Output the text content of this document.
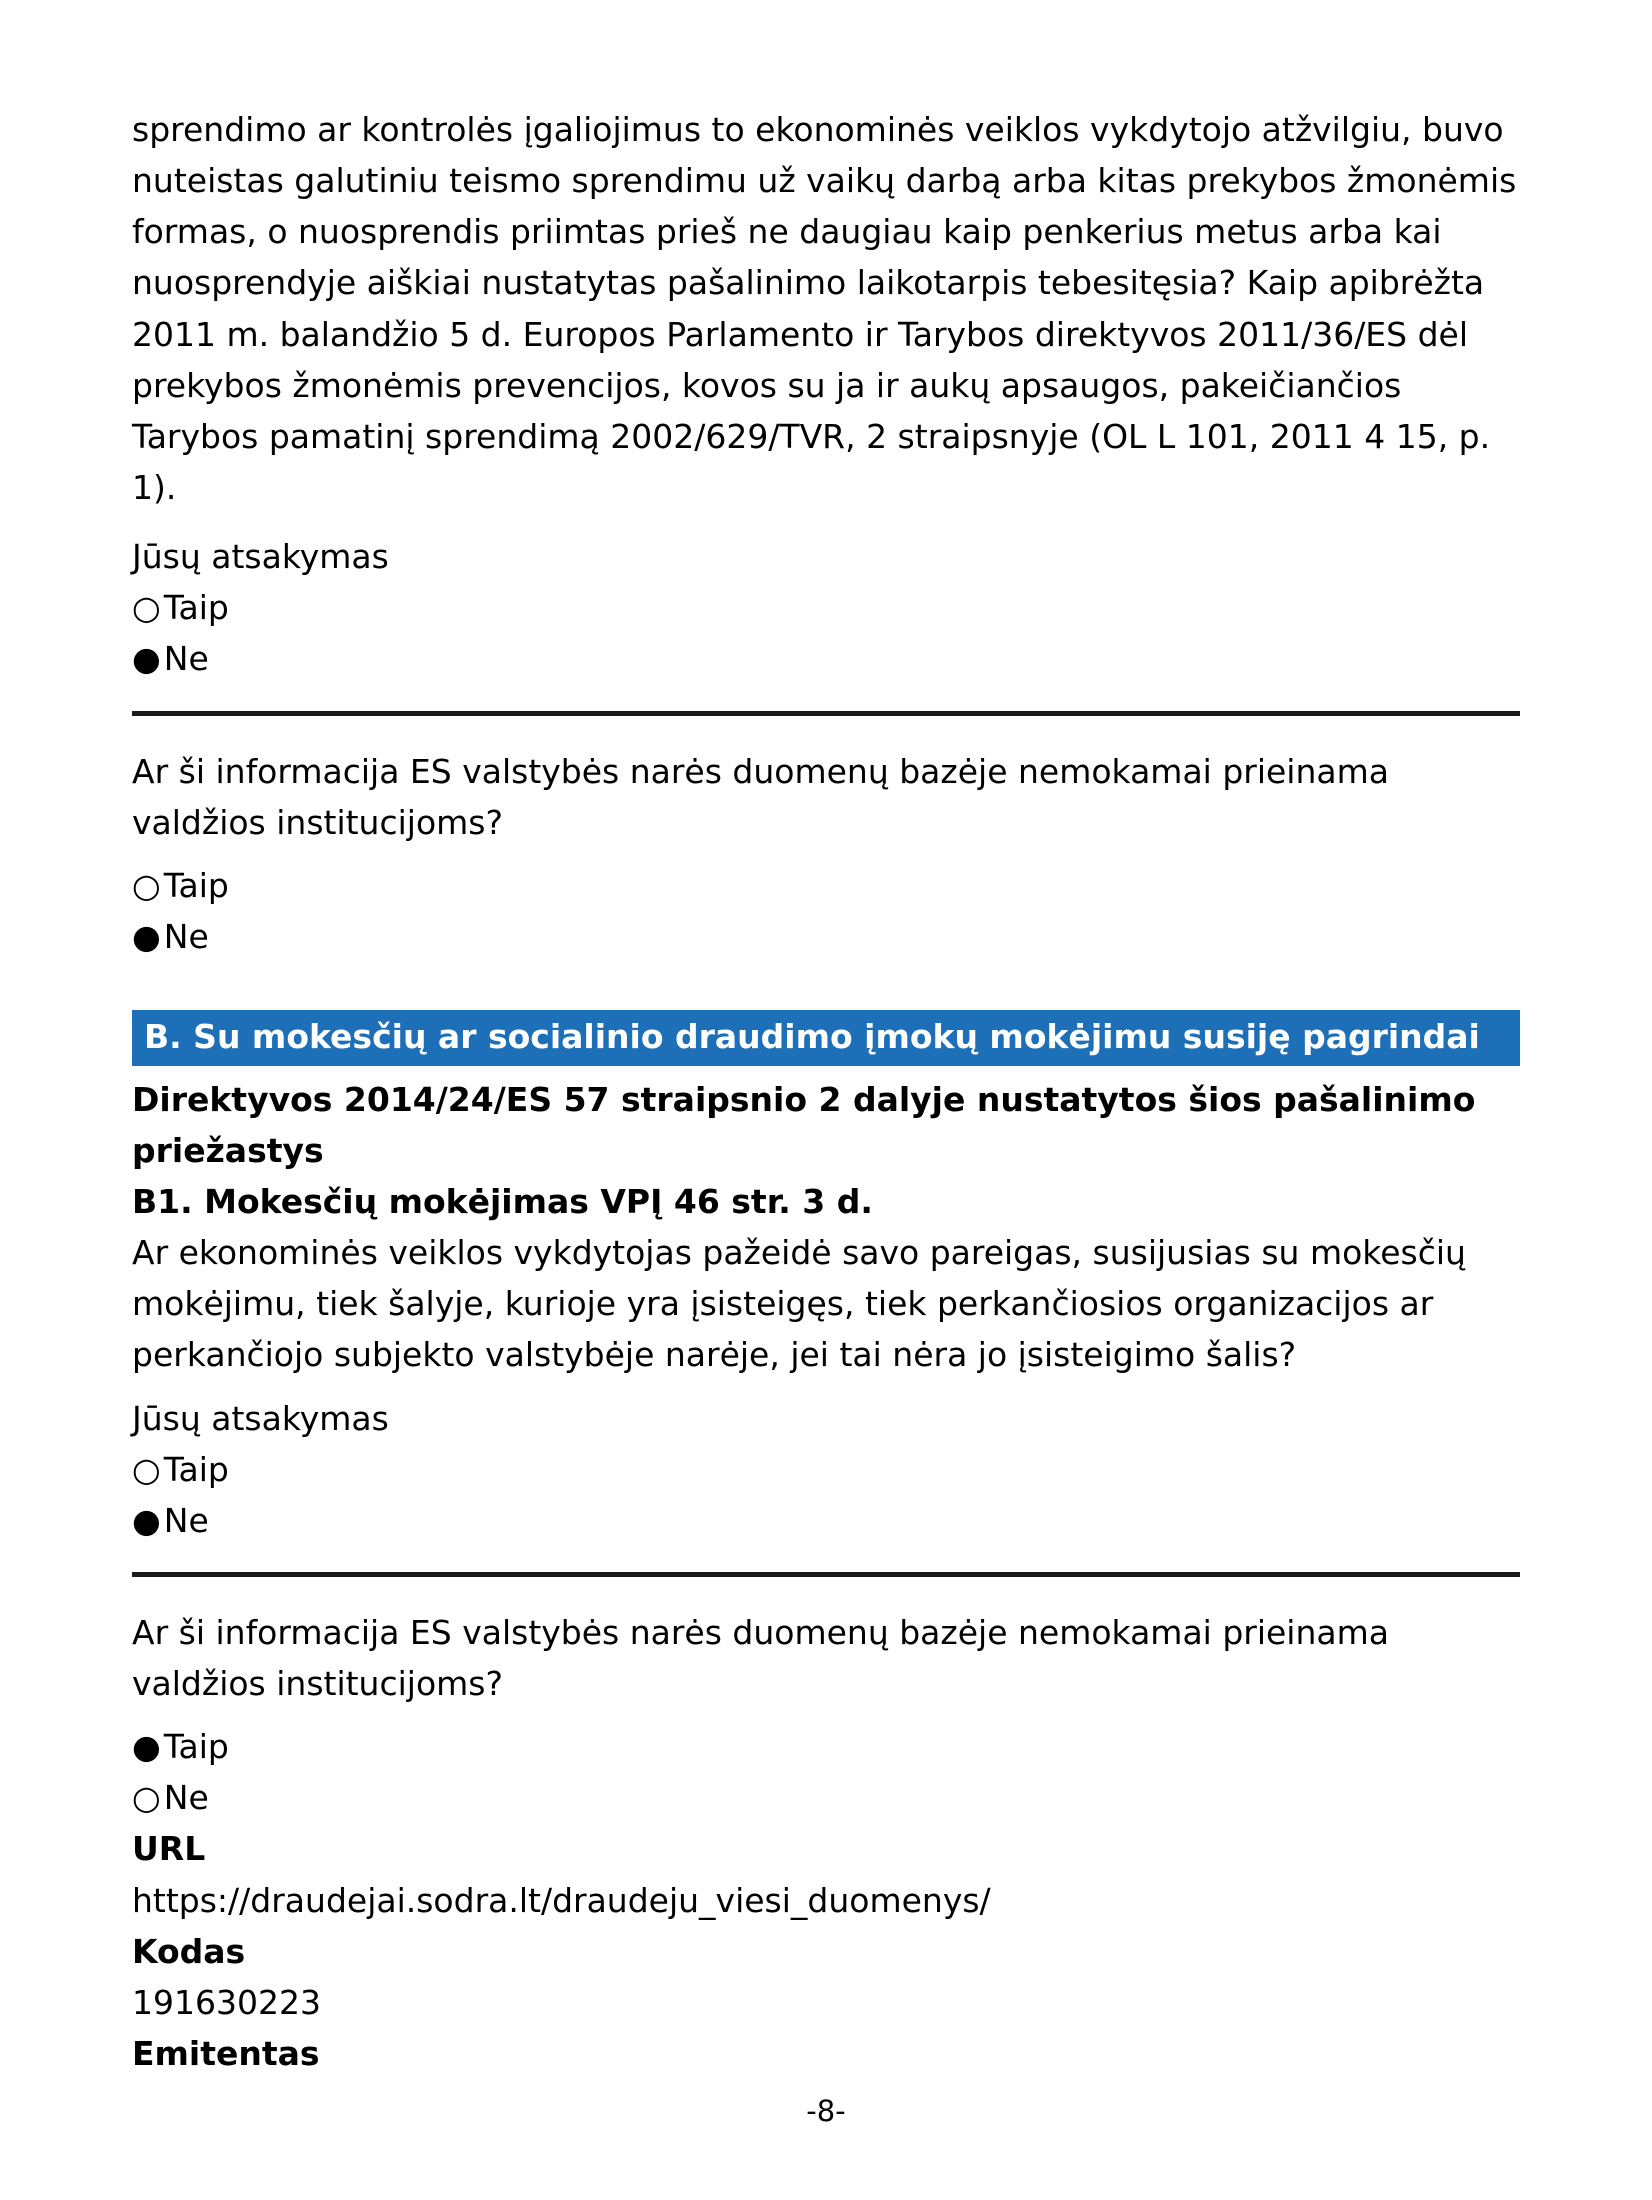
sprendimo ar kontrolės įgaliojimus to ekonominės veiklos vykdytojo atžvilgiu, buvo nuteistas galutiniu teismo sprendimu už vaikų darbą arba kitas prekybos žmonėmis formas, o nuosprendis priimtas prieš ne daugiau kaip penkerius metus arba kai nuosprendyje aiškiai nustatytas pašalinimo laikotarpis tebesitęsia? Kaip apibrėžta 2011 m. balandžio 5 d. Europos Parlamento ir Tarybos direktyvos 2011/36/ES dėl prekybos žmonėmis prevencijos, kovos su ja ir aukų apsaugos, pakeičiančios Tarybos pamatinį sprendimą 2002/629/TVR, 2 straipsnyje (OL L 101, 2011 4 15, p. 1).

Jūsų atsakymas

○Taip
●Ne

Ar ši informacija ES valstybės narės duomenų bazėje nemokamai prieinama valdžios institucijoms?

○Taip
●Ne
B. Su mokesčių ar socialinio draudimo įmokų mokėjimu susiję pagrindai

Direktyvos 2014/24/ES 57 straipsnio 2 dalyje nustatytos šios pašalinimo priežastys

B1. Mokesčių mokėjimas VPĮ 46 str. 3 d.

Ar ekonominės veiklos vykdytojas pažeidė savo pareigas, susijusias su mokesčių mokėjimu, tiek šalyje, kurioje yra įsisteigęs, tiek perkančiosios organizacijos ar perkančiojo subjekto valstybėje narėje, jei tai nėra jo įsisteigimo šalis?

Jūsų atsakymas

○Taip
●Ne

Ar ši informacija ES valstybės narės duomenų bazėje nemokamai prieinama valdžios institucijoms?

●Taip
○Ne

URL

https://draudejai.sodra.lt/draudeju_viesi_duomenys/

Kodas

191630223

Emitentas

-8-
